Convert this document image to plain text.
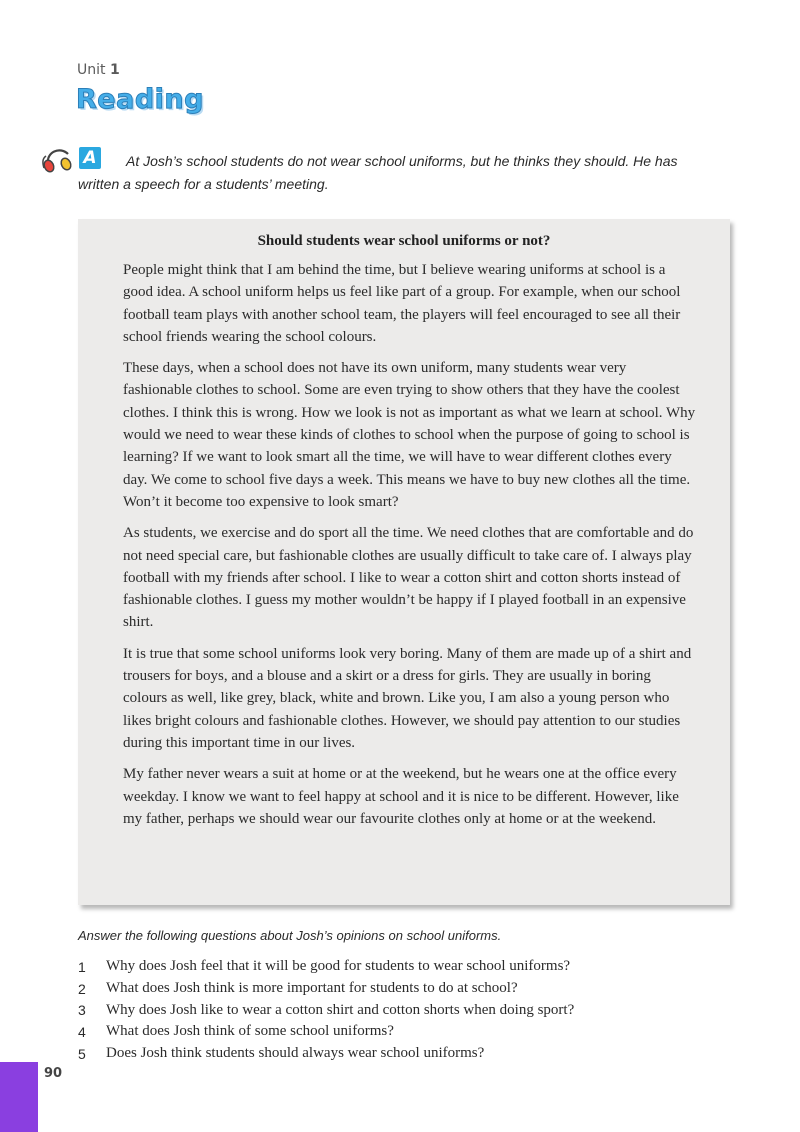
Unit 1
Reading
A	At Josh’s school students do not wear school uniforms, but he thinks they should. He has written a speech for a students’ meeting.
Should students wear school uniforms or not?

People might think that I am behind the time, but I believe wearing uniforms at school is a good idea. A school uniform helps us feel like part of a group. For example, when our school football team plays with another school team, the players will feel encouraged to see all their school friends wearing the school colours.

These days, when a school does not have its own uniform, many students wear very fashionable clothes to school. Some are even trying to show others that they have the coolest clothes. I think this is wrong. How we look is not as important as what we learn at school. Why would we need to wear these kinds of clothes to school when the purpose of going to school is learning? If we want to look smart all the time, we will have to wear different clothes every day. We come to school five days a week. This means we have to buy new clothes all the time. Won’t it become too expensive to look smart?

As students, we exercise and do sport all the time. We need clothes that are comfortable and do not need special care, but fashionable clothes are usually difficult to take care of. I always play football with my friends after school. I like to wear a cotton shirt and cotton shorts instead of fashionable clothes. I guess my mother wouldn’t be happy if I played football in an expensive shirt.

It is true that some school uniforms look very boring. Many of them are made up of a shirt and trousers for boys, and a blouse and a skirt or a dress for girls. They are usually in boring colours as well, like grey, black, white and brown. Like you, I am also a young person who likes bright colours and fashionable clothes. However, we should pay attention to our studies during this important time in our lives.

My father never wears a suit at home or at the weekend, but he wears one at the office every weekday. I know we want to feel happy at school and it is nice to be different. However, like my father, perhaps we should wear our favourite clothes only at home or at the weekend.

Answer the following questions about Josh’s opinions on school uniforms.
1	Why does Josh feel that it will be good for students to wear school uniforms?
2	What does Josh think is more important for students to do at school?
3	Why does Josh like to wear a cotton shirt and cotton shorts when doing sport?
4	What does Josh think of some school uniforms?
5	Does Josh think students should always wear school uniforms?
90
